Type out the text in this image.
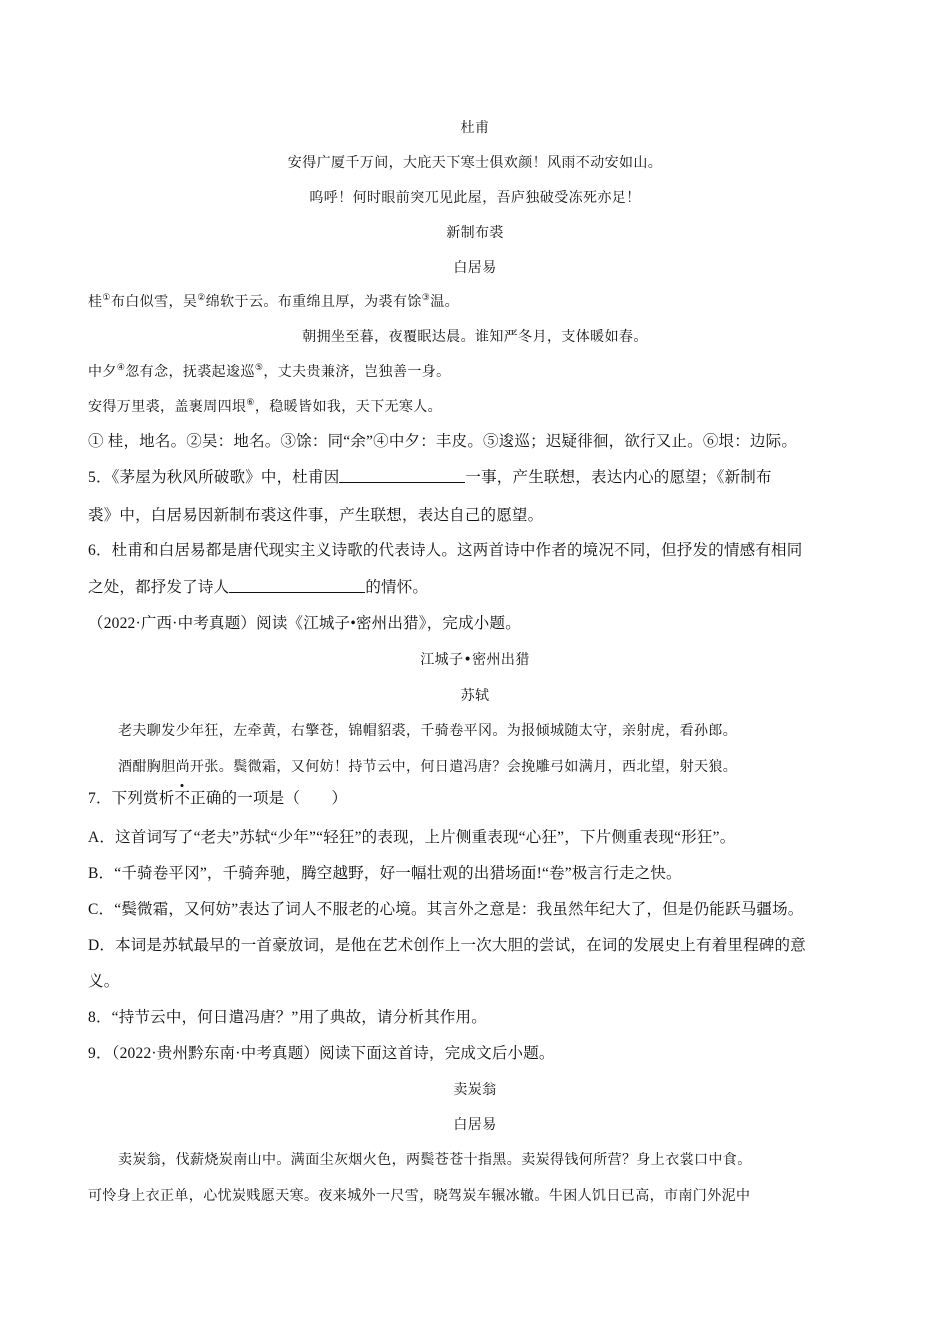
杜甫
安得广厦千万间，大庇天下寒士俱欢颜！风雨不动安如山。
呜呼！何时眼前突兀见此屋，吾庐独破受冻死亦足！
新制布裘
白居易
桂①布白似雪，吴②绵软于云。布重绵且厚，为裘有馀③温。
朝拥坐至暮，夜覆眠达晨。谁知严冬月，支体暖如春。
中夕④忽有念，抚裘起逡巡⑤，丈夫贵兼济，岂独善一身。
安得万里裘，盖裹周四垠⑥，稳暖皆如我，天下无寒人。
① 桂，地名。②吴：地名。③馀：同“余”④中夕：丰皮。⑤逡巡；迟疑徘徊，欲行又止。⑥垠：边际。
5．《茅屋为秋风所破歌》中，杜甫因	一事，产生联想，表达内心的愿望；《新制布
裘》中，白居易因新制布裘这件事，产生联想，表达自己的愿望。
6．杜甫和白居易都是唐代现实主义诗歌的代表诗人。这两首诗中作者的境况不同，但抒发的情感有相同
之处，都抒发了诗人	的情怀。
（2022·广西·中考真题）阅读《江城子•密州出猎》，完成小题。
江城子•密州出猎
苏轼
老夫聊发少年狂，左牵黄，右擎苍，锦帽貂裘，千骑卷平冈。为报倾城随太守，亲射虎，看孙郎。
酒酣胸胆尚开张。鬓微霜，又何妨！持节云中，何日遣冯唐？会挽雕弓如满月，西北望，射天狼。
7．下列赏析不正确的一项是（　　）
A．这首词写了“老夫”苏轼“少年”“轻狂”的表现，上片侧重表现“心狂”，下片侧重表现“形狂”。
B．“千骑卷平冈”，千骑奔驰，腾空越野，好一幅壮观的出猎场面!“卷”极言行走之快。
C．“鬓微霜，又何妨”表达了词人不服老的心境。其言外之意是：我虽然年纪大了，但是仍能跃马疆场。
D．本词是苏轼最早的一首豪放词，是他在艺术创作上一次大胆的尝试，在词的发展史上有着里程碑的意
义。
8．“持节云中，何日遣冯唐？”用了典故，请分析其作用。
9．（2022·贵州黔东南·中考真题）阅读下面这首诗，完成文后小题。
卖炭翁
白居易
卖炭翁，伐薪烧炭南山中。满面尘灰烟火色，两鬓苍苍十指黑。卖炭得钱何所营？身上衣裳口中食。
可怜身上衣正单，心忧炭贱愿天寒。夜来城外一尺雪，晓驾炭车辗冰辙。牛困人饥日已高，市南门外泥中
